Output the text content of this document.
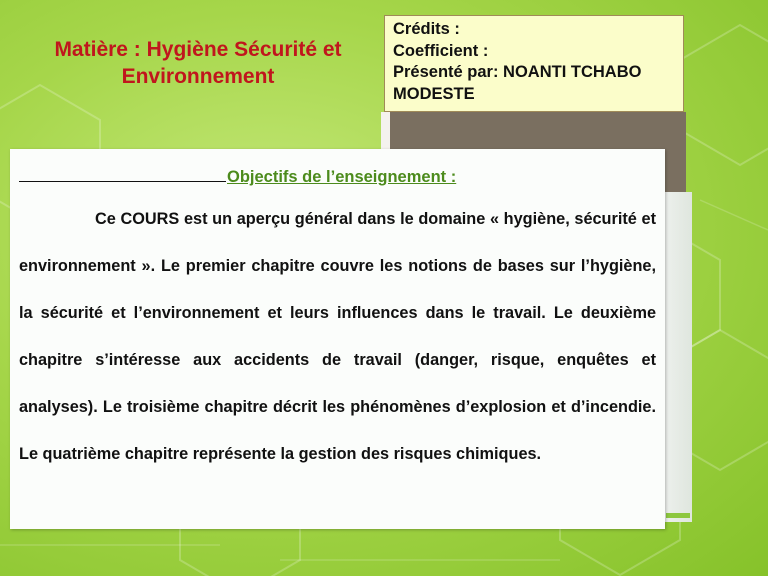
Matière : Hygiène Sécurité et Environnement
Crédits :
Coefficient :
Présenté par: NOANTI TCHABO MODESTE
Objectifs de l’enseignement :

Ce COURS est un aperçu général dans le domaine « hygiène, sécurité et environnement ». Le premier chapitre couvre les notions de bases sur l’hygiène, la sécurité et l’environnement et leurs influences dans le travail. Le deuxième chapitre s’intéresse aux accidents de travail (danger, risque, enquêtes et analyses). Le troisième chapitre décrit les phénomènes d’explosion et d’incendie. Le quatrième chapitre représente la gestion des risques chimiques.
